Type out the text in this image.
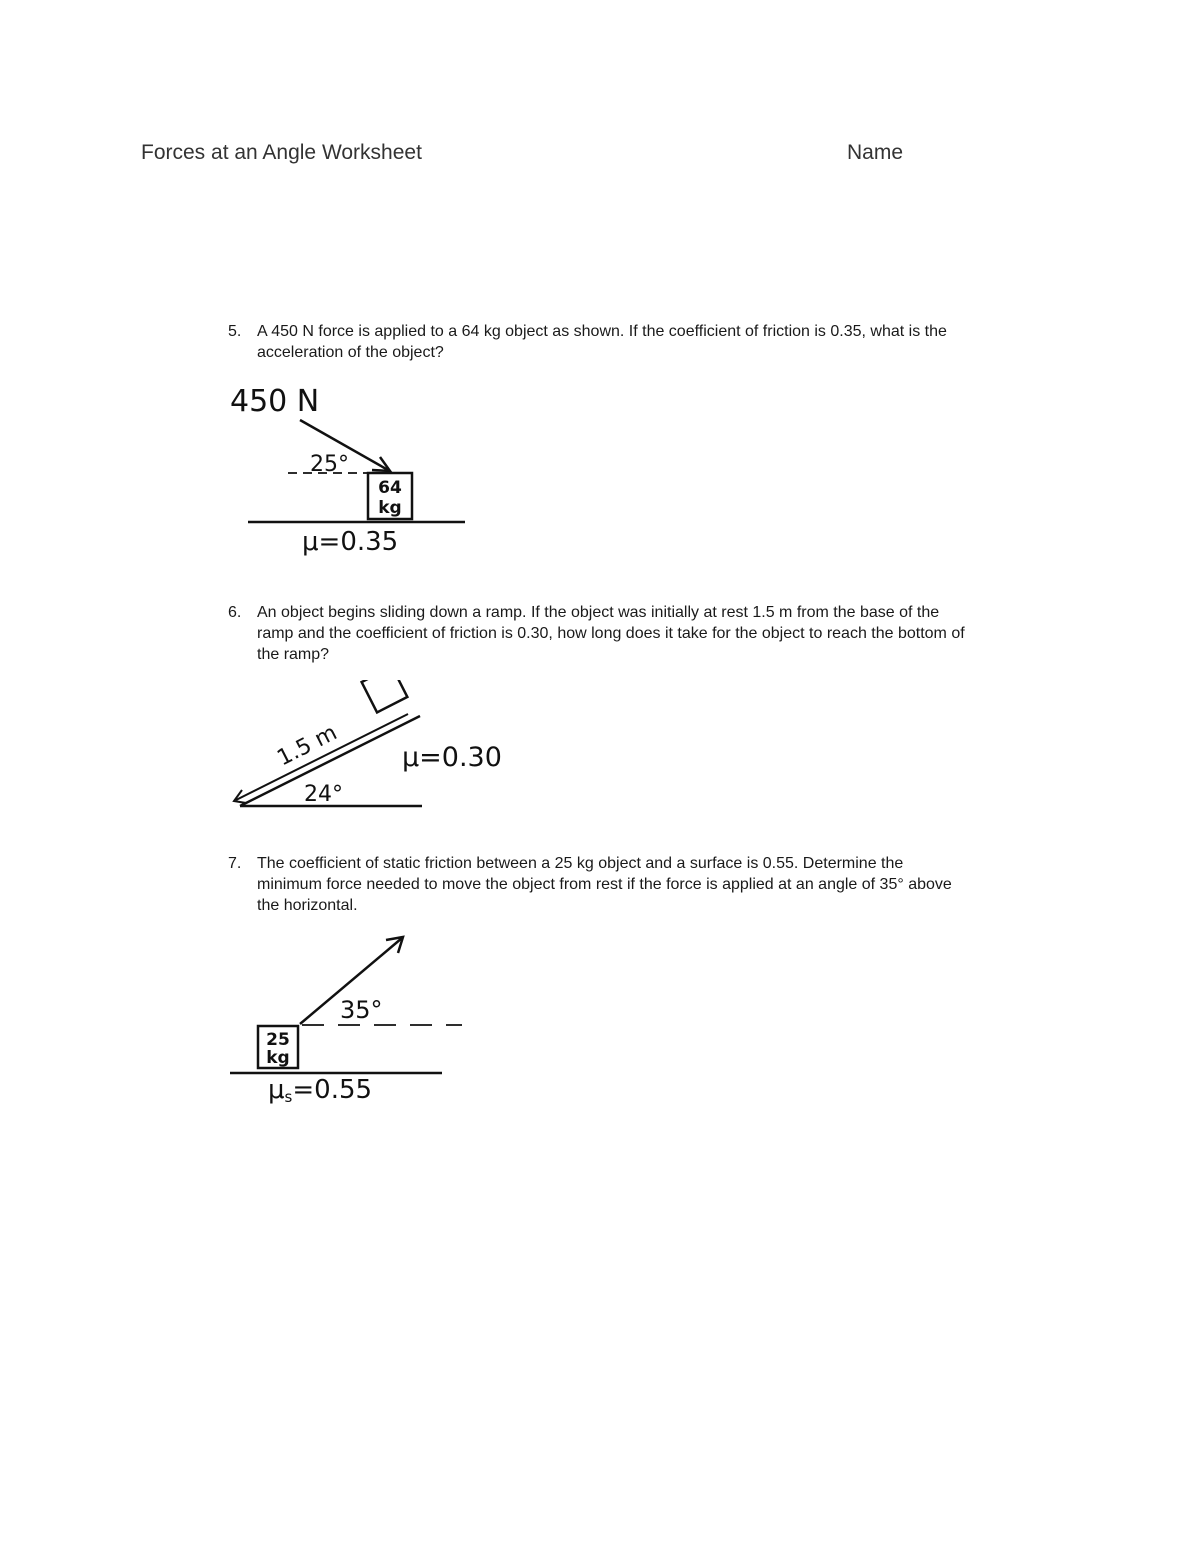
Forces at an Angle Worksheet	Name
5. A 450 N force is applied to a 64 kg object as shown. If the coefficient of friction is 0.35, what is the acceleration of the object?
450 N
25°
64
kg
μ=0.35
6. An object begins sliding down a ramp. If the object was initially at rest 1.5 m from the base of the ramp and the coefficient of friction is 0.30, how long does it take for the object to reach the bottom of the ramp?
1.5 m
24°
μ=0.30
7. The coefficient of static friction between a 25 kg object and a surface is 0.55. Determine the minimum force needed to move the object from rest if the force is applied at an angle of 35° above the horizontal.
35°
25
kg
μs=0.55
